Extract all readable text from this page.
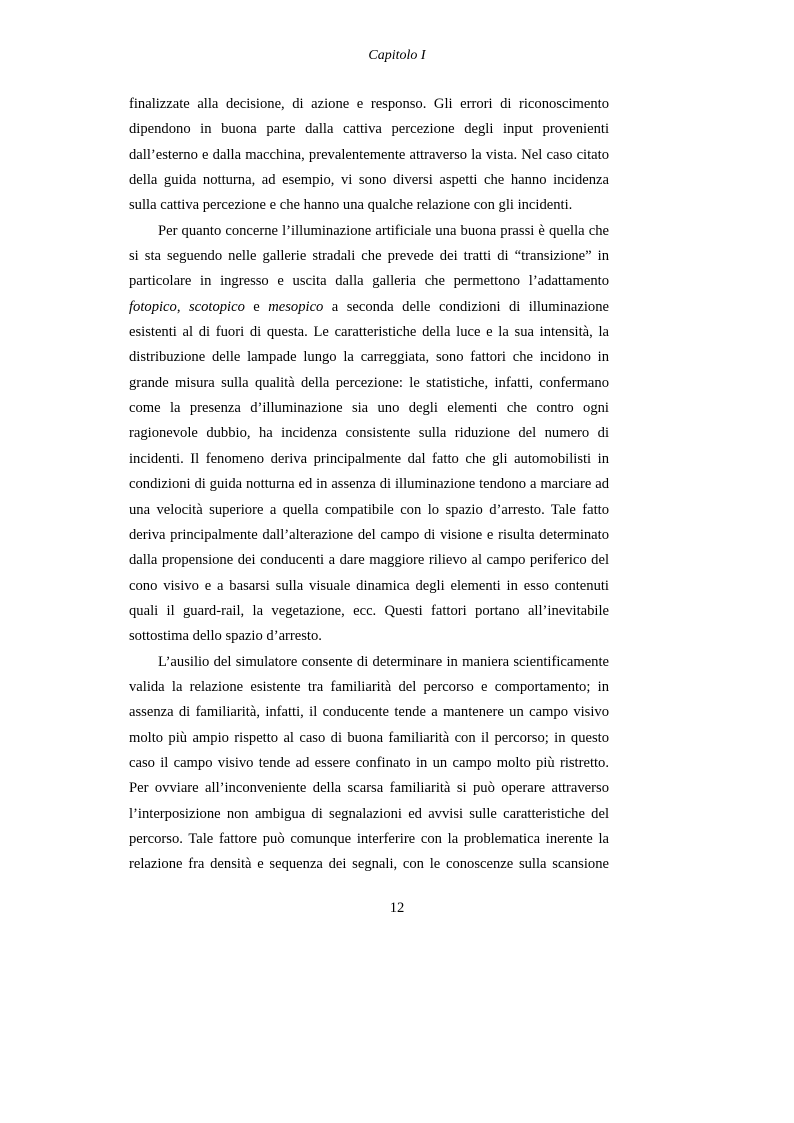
Capitolo I
finalizzate alla decisione, di azione e responso. Gli errori di riconoscimento
dipendono in buona parte dalla cattiva percezione degli input provenienti
dall’esterno e dalla macchina, prevalentemente attraverso la vista. Nel caso citato
della guida notturna, ad esempio, vi sono diversi aspetti che hanno incidenza
sulla cattiva percezione e che hanno una qualche relazione con gli incidenti.
Per quanto concerne l’illuminazione artificiale una buona prassi è quella che
si sta seguendo nelle gallerie stradali che prevede dei tratti di “transizione” in
particolare in ingresso e uscita dalla galleria che permettono l’adattamento
fotopico, scotopico e mesopico a seconda delle condizioni di illuminazione
esistenti al di fuori di questa. Le caratteristiche della luce e la sua intensità, la
distribuzione delle lampade lungo la carreggiata, sono fattori che incidono in
grande misura sulla qualità della percezione: le statistiche, infatti, confermano
come la presenza d’illuminazione sia uno degli elementi che contro ogni
ragionevole dubbio, ha incidenza consistente sulla riduzione del numero di
incidenti. Il fenomeno deriva principalmente dal fatto che gli automobilisti in
condizioni di guida notturna ed in assenza di illuminazione tendono a marciare ad
una velocità superiore a quella compatibile con lo spazio d’arresto. Tale fatto
deriva principalmente dall’alterazione del campo di visione e risulta determinato
dalla propensione dei conducenti a dare maggiore rilievo al campo periferico del
cono visivo e a basarsi sulla visuale dinamica degli elementi in esso contenuti
quali il guard-rail, la vegetazione, ecc. Questi fattori portano all’inevitabile
sottostima dello spazio d’arresto.
L’ausilio del simulatore consente di determinare in maniera scientificamente
valida la relazione esistente tra familiarità del percorso e comportamento; in
assenza di familiarità, infatti, il conducente tende a mantenere un campo visivo
molto più ampio rispetto al caso di buona familiarità con il percorso; in questo
caso il campo visivo tende ad essere confinato in un campo molto più ristretto.
Per ovviare all’inconveniente della scarsa familiarità si può operare attraverso
l’interposizione non ambigua di segnalazioni ed avvisi sulle caratteristiche del
percorso. Tale fattore può comunque interferire con la problematica inerente la
relazione fra densità e sequenza dei segnali, con le conoscenze sulla scansione
12
